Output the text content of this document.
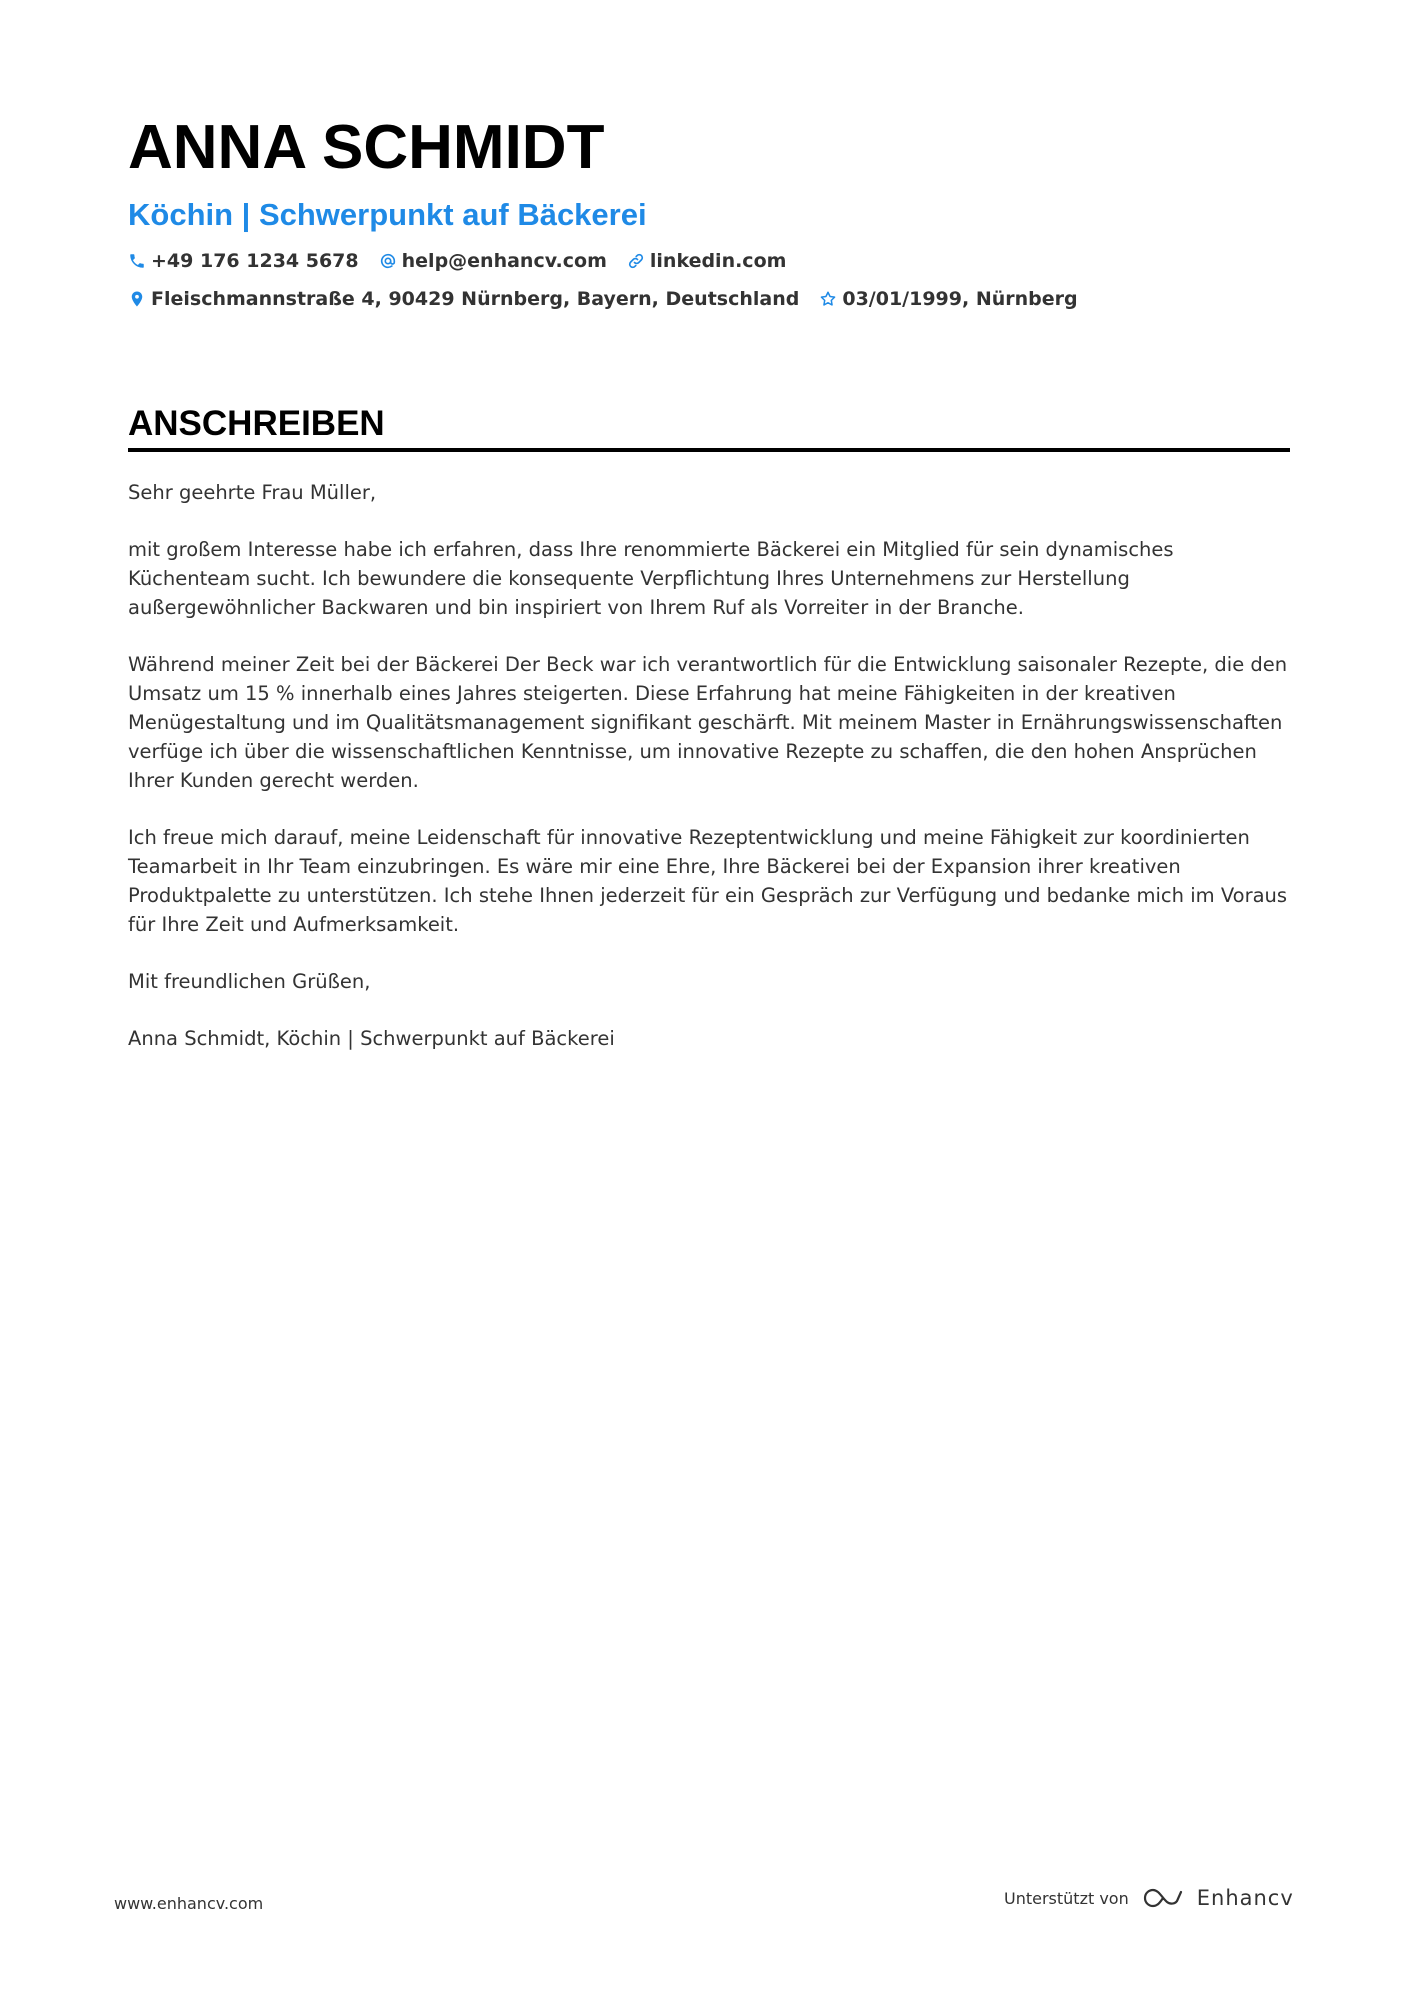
ANNA SCHMIDT
Köchin | Schwerpunkt auf Bäckerei
+49 176 1234 5678 help@enhancv.com linkedin.com
Fleischmannstraße 4, 90429 Nürnberg, Bayern, Deutschland 03/01/1999, Nürnberg
ANSCHREIBEN

Sehr geehrte Frau Müller,

mit großem Interesse habe ich erfahren, dass Ihre renommierte Bäckerei ein Mitglied für sein dynamisches Küchenteam sucht. Ich bewundere die konsequente Verpflichtung Ihres Unternehmens zur Herstellung außergewöhnlicher Backwaren und bin inspiriert von Ihrem Ruf als Vorreiter in der Branche.

Während meiner Zeit bei der Bäckerei Der Beck war ich verantwortlich für die Entwicklung saisonaler Rezepte, die den Umsatz um 15 % innerhalb eines Jahres steigerten. Diese Erfahrung hat meine Fähigkeiten in der kreativen Menügestaltung und im Qualitätsmanagement signifikant geschärft. Mit meinem Master in Ernährungswissenschaften verfüge ich über die wissenschaftlichen Kenntnisse, um innovative Rezepte zu schaffen, die den hohen Ansprüchen Ihrer Kunden gerecht werden.

Ich freue mich darauf, meine Leidenschaft für innovative Rezeptentwicklung und meine Fähigkeit zur koordinierten Teamarbeit in Ihr Team einzubringen. Es wäre mir eine Ehre, Ihre Bäckerei bei der Expansion ihrer kreativen Produktpalette zu unterstützen. Ich stehe Ihnen jederzeit für ein Gespräch zur Verfügung und bedanke mich im Voraus für Ihre Zeit und Aufmerksamkeit.

Mit freundlichen Grüßen,

Anna Schmidt, Köchin | Schwerpunkt auf Bäckerei

www.enhancv.com	Unterstützt von	Enhancv
